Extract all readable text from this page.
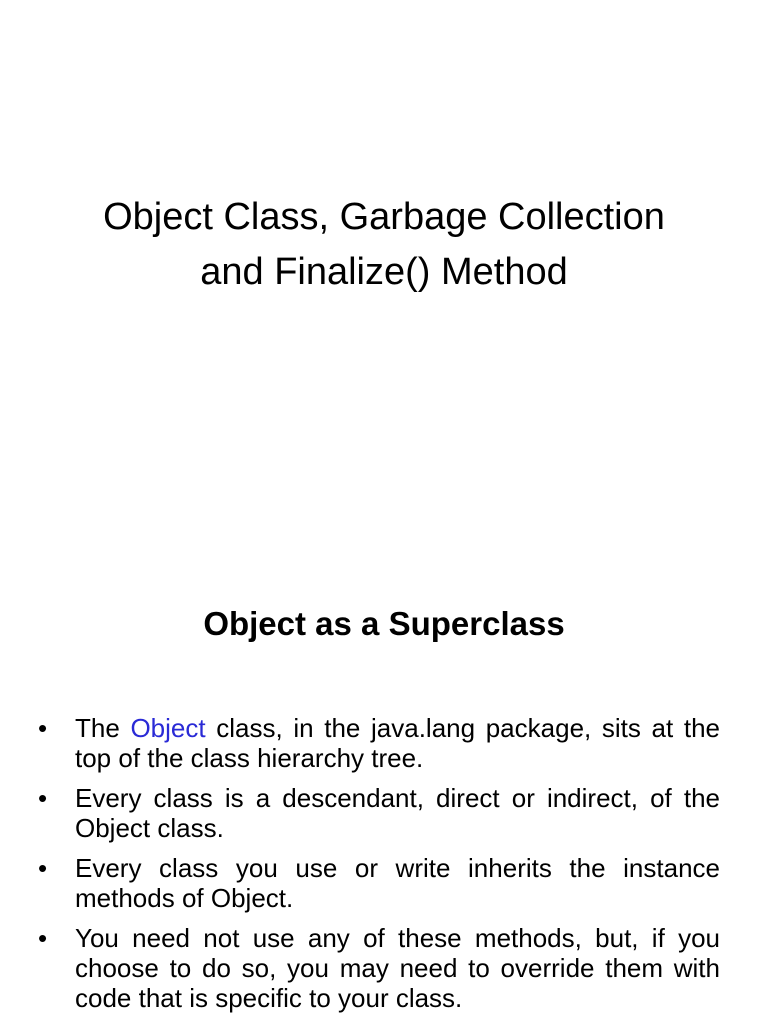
Object Class, Garbage Collection
and Finalize() Method
Object as a Superclass
•	The Object class, in the java.lang package, sits at the top of the class hierarchy tree.
•	Every class is a descendant, direct or indirect, of the Object class.
•	Every class you use or write inherits the instance methods of Object.
•	You need not use any of these methods, but, if you choose to do so, you may need to override them with code that is specific to your class.
